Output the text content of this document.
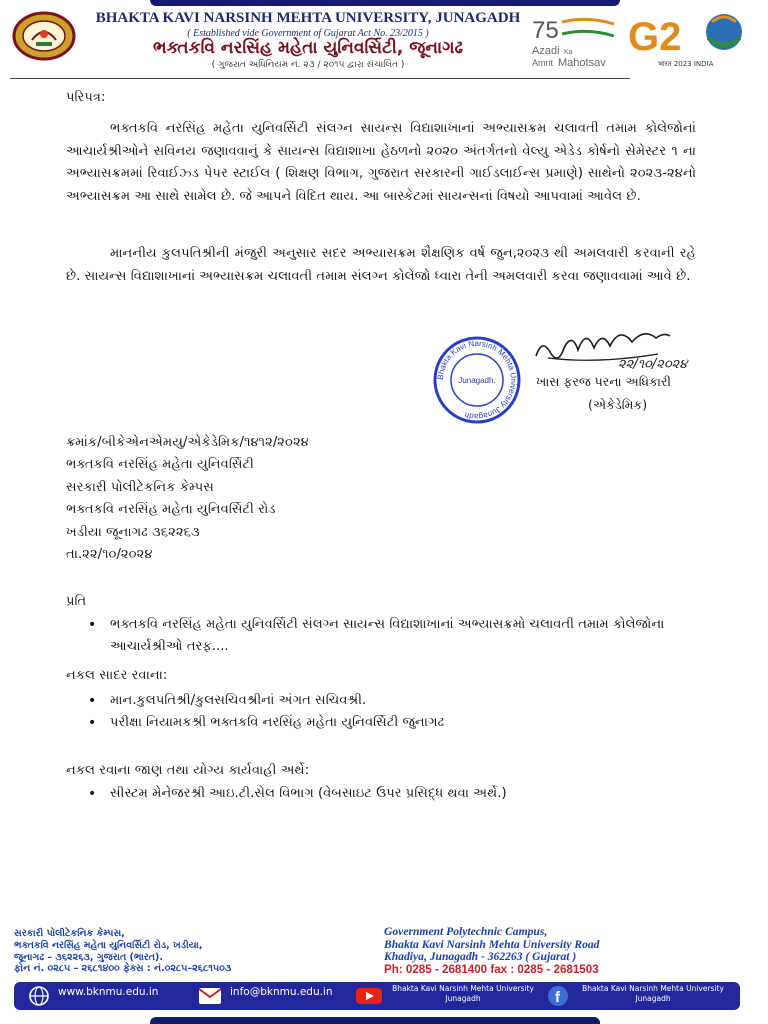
BHAKTA KAVI NARSINH MEHTA UNIVERSITY, JUNAGADH
( Established vide Government of Gujarat Act No. 23/2015 )
ભક્તકવિ નરસિંહ મહેતા યુનિવર્સિટી, જૂનાગઢ
( ગુજરાત અધિનિયમ નં. ૨૩ / ૨૦૧૫ દ્વારા સંચાલિત )
75
Azadi Ka
Amrit Mahotsav
G2
भारत 2023 INDIA
પરિપત્ર:
ભક્તકવિ નરસિંહ મહેતા યુનિવર્સિટી સંલગ્ન સાયન્સ વિદ્યાશાખાનાં અભ્યાસક્રમ ચલાવતી તમામ કોલેજોનાં આચાર્યશ્રીઓને સવિનય જણાવવાનું કે સાયન્સ વિદ્યાશાખા હેઠળનો ૨૦૨૦ અંતર્ગતનો વેલ્યુ એડેડ કોર્ષનો સેમેસ્ટર ૧ ના અભ્યાસક્રમમાં રિવાઈઝ્ડ પેપર સ્ટાઈલ ( શિક્ષણ વિભાગ, ગુજરાત સરકારની ગાઈડલાઈન્સ પ્રમાણે) સાથેનો ૨૦૨૩-૨૪નો અભ્યાસક્રમ આ સાથે સામેલ છે. જે આપને વિદિત થાય. આ બાસ્કેટમાં સાયન્સનાં વિષયો આપવામાં આવેલ છે.
માનનીય કુલપતિશ્રીની મંજુરી અનુસાર સદર અભ્યાસક્રમ શૈક્ષણિક વર્ષ જુન,૨૦૨૩ થી અમલવારી કરવાની રહે છે. સાયન્સ વિદ્યાશાખાનાં અભ્યાસક્રમ ચલાવતી તમામ સંલગ્ન કોલેજો ધ્વારા તેની અમલવારી કરવા જણાવવામાં આવે છે.
Bhakta Kavi Narsinh Mehta University Junagadh
Junagadh.
૨૨/૧૦/૨૦૨૪
ખાસ ફરજ પરના અધિકારી
(એકેડેમિક)
ક્રમાંક/બીકેએનએમયુ/એકેડેમિક/૧૪૧૨/૨૦૨૪
ભક્તકવિ નરસિંહ મહેતા યુનિવર્સિટી
સરકારી પોલીટેકનિક કેમ્પસ
ભક્તકવિ નરસિંહ મહેતા યુનિવર્સિટી રોડ
ખડીયા જૂનાગઢ ૩૬૨૨૬૩
તા.૨૨/૧૦/૨૦૨૪
પ્રતિ
• ભક્તકવિ નરસિંહ મહેતા યુનિવર્સિટી સંલગ્ન સાયન્સ વિદ્યાશાખાનાં અભ્યાસક્રમો ચલાવતી તમામ કોલેજોના આચાર્યશ્રીઓ તરફ....
નકલ સાદર રવાના:
• માન.કુલપતિશ્રી/કુલસચિવશ્રીનાં અંગત સચિવશ્રી.
• પરીક્ષા નિયામકશ્રી ભક્તકવિ નરસિંહ મહેતા યુનિવર્સિટી જુનાગઢ
નકલ રવાના જાણ તથા યોગ્ય કાર્યવાહી અર્થે:
• સીસ્ટમ મેનેજરશ્રી આઇ.ટી.સેલ વિભાગ (વેબસાઇટ ઉપર પ્રસિદ્ધ થવા અર્થે.)
સરકારી પોલીટેકનિક કેમ્પસ,
ભક્તકવિ નરસિંહ મહેતા યુનિવર્સિટી રોડ, ખડીયા,
જૂનાગઢ – ૩૬૨૨૬૩, ગુજરાત (ભારત).
ફોન નં. ૦૨૮૫ – ૨૬૮૧૪૦૦ ફેક્સ : નં.૦૨૮૫–૨૬૮૧૫૦૩
Government Polytechnic Campus,
Bhakta Kavi Narsinh Mehta University Road
Khadiya, Junagadh - 362263 ( Gujarat )
Ph: 0285 - 2681400 fax : 0285 - 2681503
www.bknmu.edu.in	info@bknmu.edu.in	Bhakta Kavi Narsinh Mehta University Junagadh	f
Bhakta Kavi Narsinh Mehta University Junagadh
